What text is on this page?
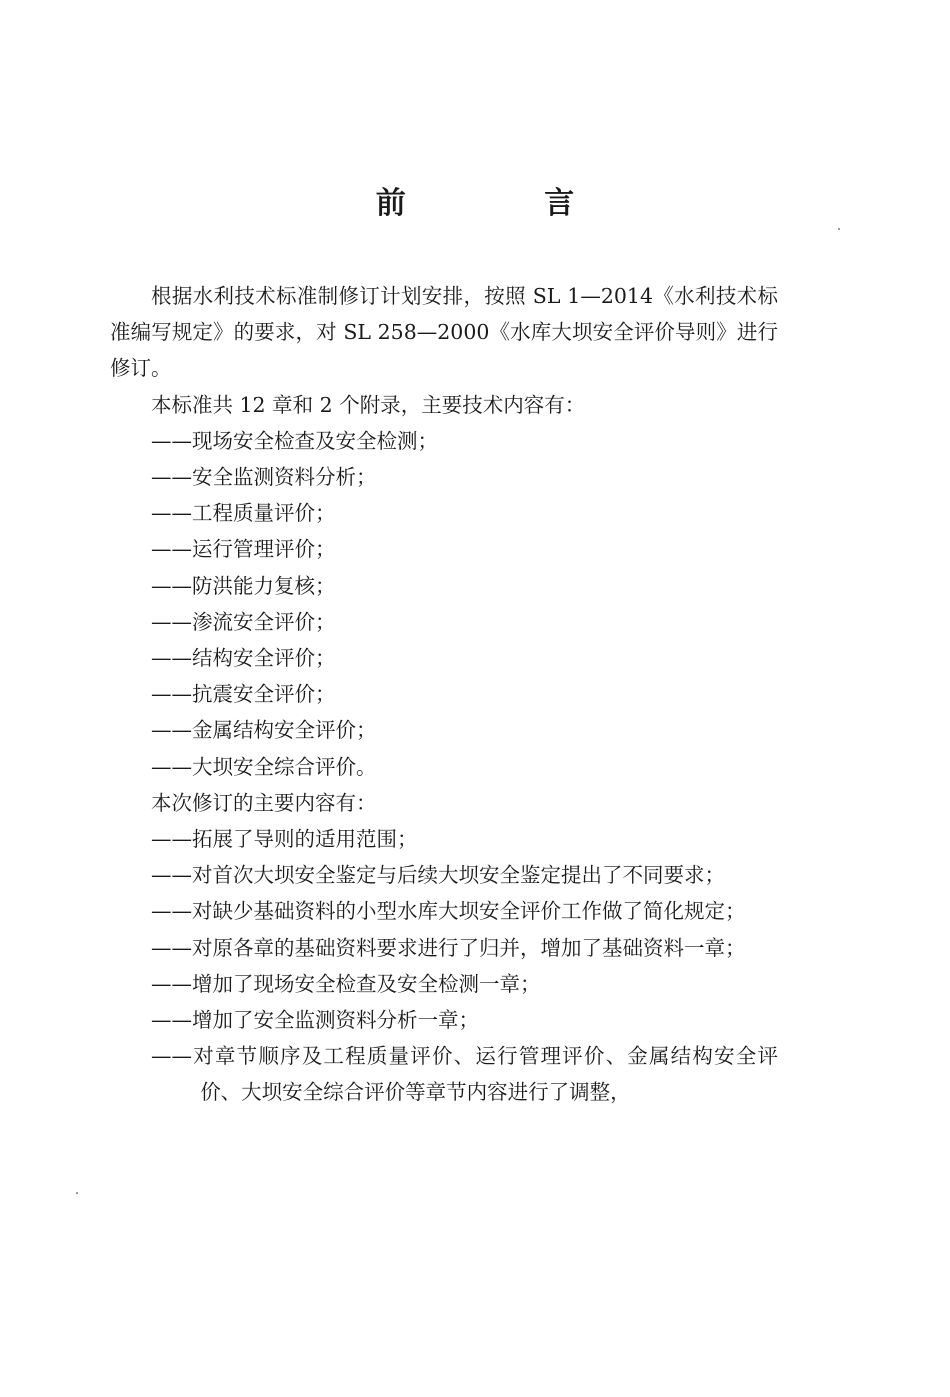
前 言

根据水利技术标准制修订计划安排，按照 SL 1—2014《水利技术标准编写规定》的要求，对 SL 258—2000《水库大坝安全评价导则》进行修订。

本标准共 12 章和 2 个附录，主要技术内容有：

——现场安全检查及安全检测；

——安全监测资料分析；

——工程质量评价；

——运行管理评价；

——防洪能力复核；

——渗流安全评价；

——结构安全评价；

——抗震安全评价；

——金属结构安全评价；

——大坝安全综合评价。

本次修订的主要内容有：

——拓展了导则的适用范围；

——对首次大坝安全鉴定与后续大坝安全鉴定提出了不同要求；

——对缺少基础资料的小型水库大坝安全评价工作做了简化规定；

——对原各章的基础资料要求进行了归并，增加了基础资料一章；

——增加了现场安全检查及安全检测一章；

——增加了安全监测资料分析一章；

——对章节顺序及工程质量评价、运行管理评价、金属结构安全评价、大坝安全综合评价等章节内容进行了调整，
